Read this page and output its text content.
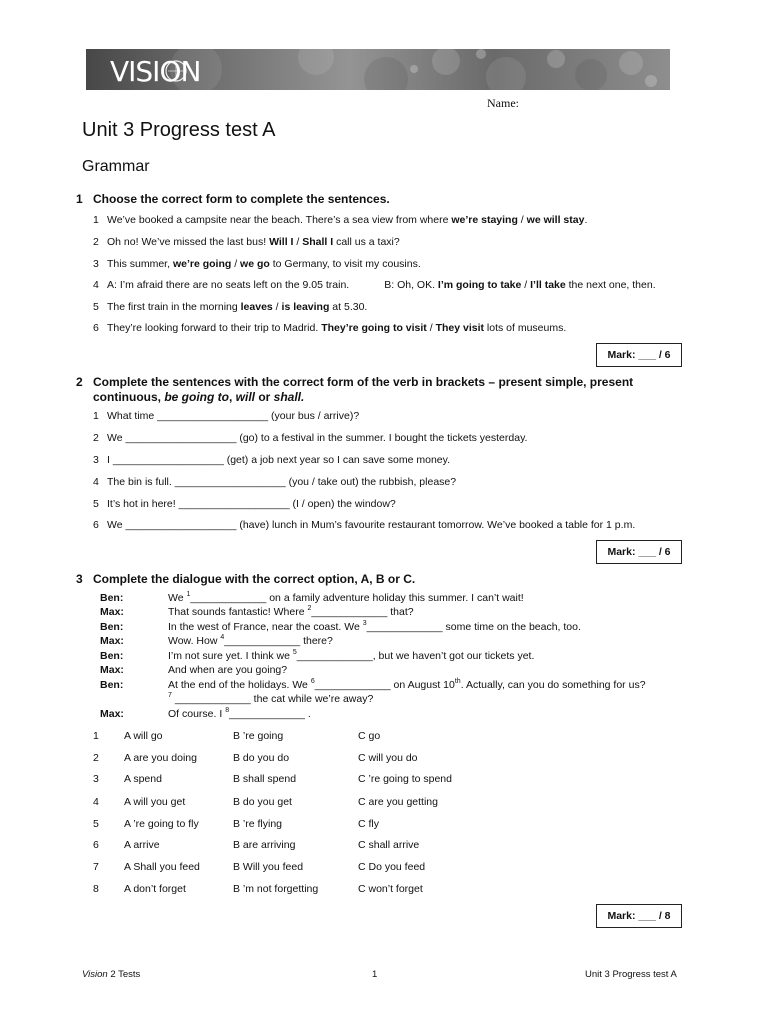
VISION
Name:
Unit 3 Progress test A
Grammar
1 Choose the correct form to complete the sentences.
1 We’ve booked a campsite near the beach. There’s a sea view from where we’re staying / we will stay.
2 Oh no! We’ve missed the last bus! Will I / Shall I call us a taxi?
3 This summer, we’re going / we go to Germany, to visit my cousins.
4 A: I’m afraid there are no seats left on the 9.05 train.            B: Oh, OK. I’m going to take / I’ll take the next one, then.
5 The first train in the morning leaves / is leaving at 5.30.
6 They’re looking forward to their trip to Madrid. They’re going to visit / They visit lots of museums.
Mark: ___ / 6
2 Complete the sentences with the correct form of the verb in brackets – present simple, present continuous, be going to, will or shall.
1 What time ___________________ (your bus / arrive)?
2 We ___________________ (go) to a festival in the summer. I bought the tickets yesterday.
3 I ___________________ (get) a job next year so I can save some money.
4 The bin is full. ___________________ (you / take out) the rubbish, please?
5 It’s hot in here! ___________________ (I / open) the window?
6 We ___________________ (have) lunch in Mum’s favourite restaurant tomorrow. We’ve booked a table for 1 p.m.
Mark: ___ / 6
3 Complete the dialogue with the correct option, A, B or C.
Ben:	We $^1$_____________ on a family adventure holiday this summer. I can’t wait!
Max:	That sounds fantastic! Where $^2$_____________ that?
Ben:	In the west of France, near the coast. We $^3$_____________ some time on the beach, too.
Max:	Wow. How $^4$_____________ there?
Ben:	I’m not sure yet. I think we $^5$_____________, but we haven’t got our tickets yet.
Max:	And when are you going?
Ben:	At the end of the holidays. We $^6$_____________ on August 10th. Actually, can you do something for us?
$^7$ _____________ the cat while we’re away?
Max:	Of course. I $^8$_____________ .
1 A will go	B ’re going	C go
2 A are you doing	B do you do	C will you do
3 A spend	B shall spend	C ’re going to spend
4 A will you get	B do you get	C are you getting
5 A ’re going to fly	B ’re flying	C fly
6 A arrive	B are arriving	C shall arrive
7 A Shall you feed	B Will you feed	C Do you feed
8 A don’t forget	B ’m not forgetting	C won’t forget
Mark: ___ / 8
Vision 2 Tests	1	Unit 3 Progress test A
